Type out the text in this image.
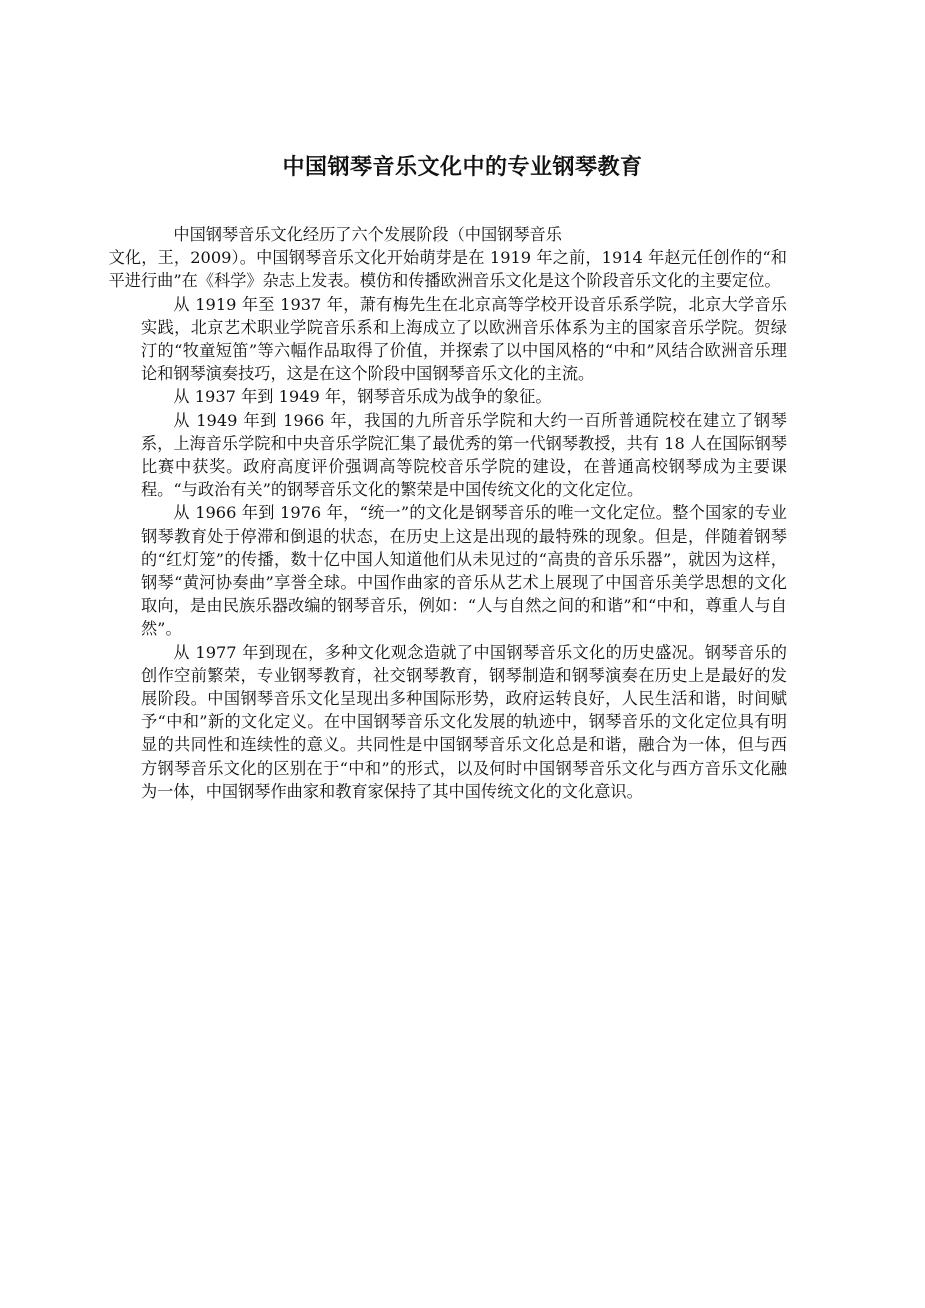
中国钢琴音乐文化中的专业钢琴教育

中国钢琴音乐文化经历了六个发展阶段（中国钢琴音乐
文化，王，2009）。中国钢琴音乐文化开始萌芽是在 1919 年之前，1914 年赵元任创作的“和平进行曲”在《科学》杂志上发表。模仿和传播欧洲音乐文化是这个阶段音乐文化的主要定位。

从 1919 年至 1937 年，萧有梅先生在北京高等学校开设音乐系学院，北京大学音乐实践，北京艺术职业学院音乐系和上海成立了以欧洲音乐体系为主的国家音乐学院。贺绿汀的“牧童短笛”等六幅作品取得了价值，并探索了以中国风格的“中和”风结合欧洲音乐理论和钢琴演奏技巧，这是在这个阶段中国钢琴音乐文化的主流。

从 1937 年到 1949 年，钢琴音乐成为战争的象征。

从 1949 年到 1966 年，我国的九所音乐学院和大约一百所普通院校在建立了钢琴系，上海音乐学院和中央音乐学院汇集了最优秀的第一代钢琴教授，共有 18 人在国际钢琴比赛中获奖。政府高度评价强调高等院校音乐学院的建设，在普通高校钢琴成为主要课程。“与政治有关”的钢琴音乐文化的繁荣是中国传统文化的文化定位。

从 1966 年到 1976 年，“统一”的文化是钢琴音乐的唯一文化定位。整个国家的专业钢琴教育处于停滞和倒退的状态，在历史上这是出现的最特殊的现象。但是，伴随着钢琴的“红灯笼”的传播，数十亿中国人知道他们从未见过的“高贵的音乐乐器”，就因为这样，钢琴“黄河协奏曲”享誉全球。中国作曲家的音乐从艺术上展现了中国音乐美学思想的文化取向，是由民族乐器改编的钢琴音乐，例如：“人与自然之间的和谐”和“中和，尊重人与自然”。

从 1977 年到现在，多种文化观念造就了中国钢琴音乐文化的历史盛况。钢琴音乐的创作空前繁荣，专业钢琴教育，社交钢琴教育，钢琴制造和钢琴演奏在历史上是最好的发展阶段。中国钢琴音乐文化呈现出多种国际形势，政府运转良好，人民生活和谐，时间赋予“中和”新的文化定义。在中国钢琴音乐文化发展的轨迹中，钢琴音乐的文化定位具有明显的共同性和连续性的意义。共同性是中国钢琴音乐文化总是和谐，融合为一体，但与西方钢琴音乐文化的区别在于“中和”的形式，以及何时中国钢琴音乐文化与西方音乐文化融为一体，中国钢琴作曲家和教育家保持了其中国传统文化的文化意识。
